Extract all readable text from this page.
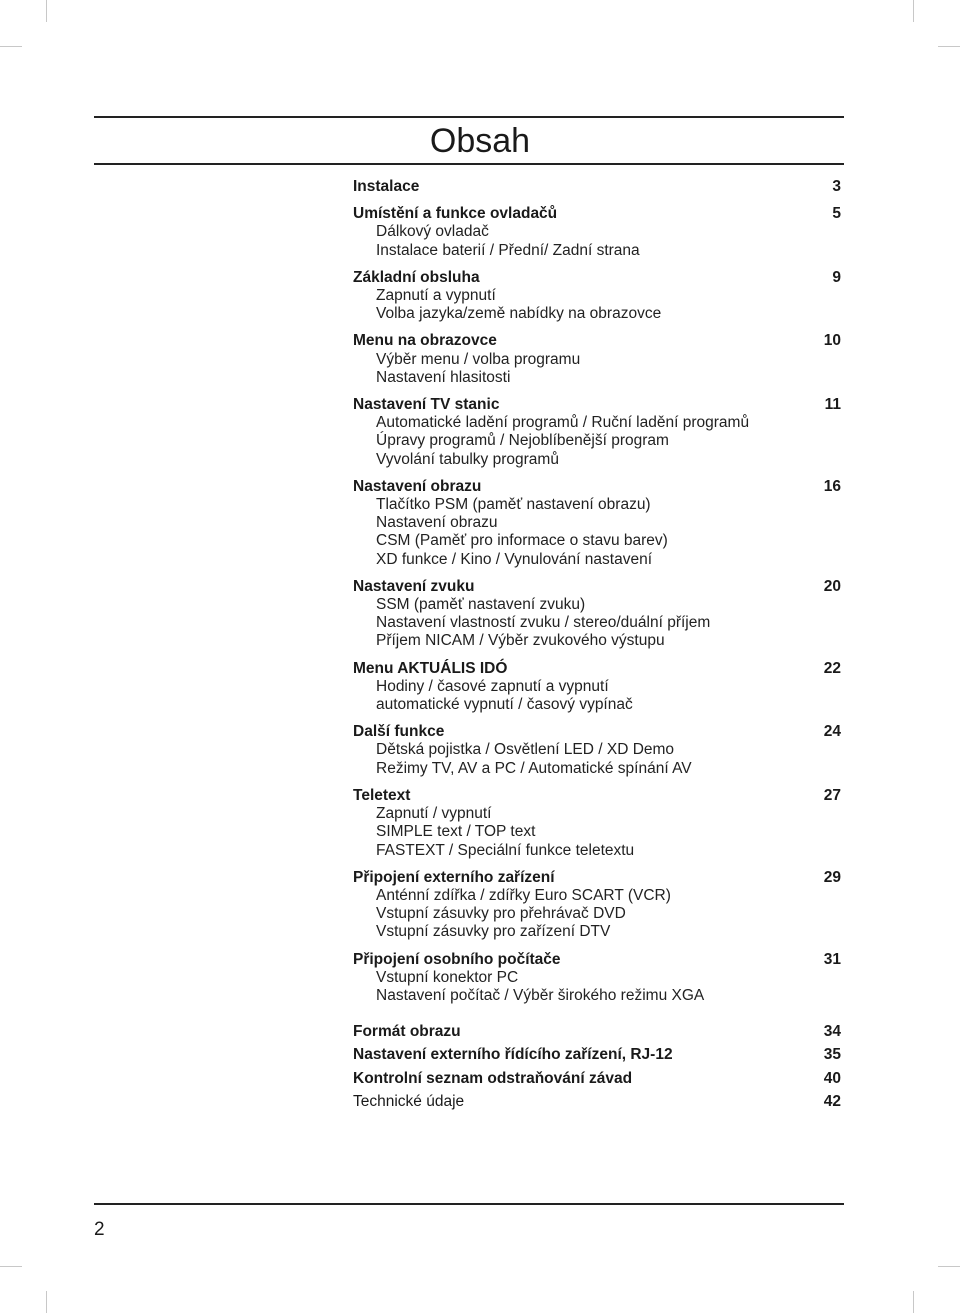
Obsah
Instalace	3
Umístění a funkce ovladačů	5
Dálkový ovladač
Instalace baterií / Přední/ Zadní strana
Základní obsluha	9
Zapnutí a vypnutí
Volba jazyka/země nabídky na obrazovce
Menu na obrazovce	10
Výběr menu / volba programu
Nastavení hlasitosti
Nastavení TV stanic	11
Automatické ladění programů / Ruční ladění programů
Úpravy programů / Nejoblíbenější program
Vyvolání tabulky programů
Nastavení obrazu	16
Tlačítko PSM (paměť nastavení obrazu)
Nastavení obrazu
CSM (Paměť pro informace o stavu barev)
XD funkce / Kino / Vynulování nastavení
Nastavení zvuku	20
SSM (paměť nastavení zvuku)
Nastavení vlastností zvuku / stereo/duální příjem
Příjem NICAM / Výběr zvukového výstupu
Menu AKTUÁLIS IDÓ	22
Hodiny / časové zapnutí a vypnutí
automatické vypnutí / časový vypínač
Další funkce	24
Dětská pojistka / Osvětlení LED / XD Demo
Režimy TV, AV a PC / Automatické spínání AV
Teletext	27
Zapnutí / vypnutí
SIMPLE text / TOP text
FASTEXT / Speciální funkce teletextu
Připojení externího zařízení	29
Anténní zdířka / zdířky Euro SCART (VCR)
Vstupní zásuvky pro přehrávač DVD
Vstupní zásuvky pro zařízení DTV
Připojení osobního počítače	31
Vstupní konektor PC
Nastavení počítač / Výběr širokého režimu XGA
Formát obrazu	34
Nastavení externího řídícího zařízení, RJ-12	35
Kontrolní seznam odstraňování závad	40
Technické údaje	42
2
